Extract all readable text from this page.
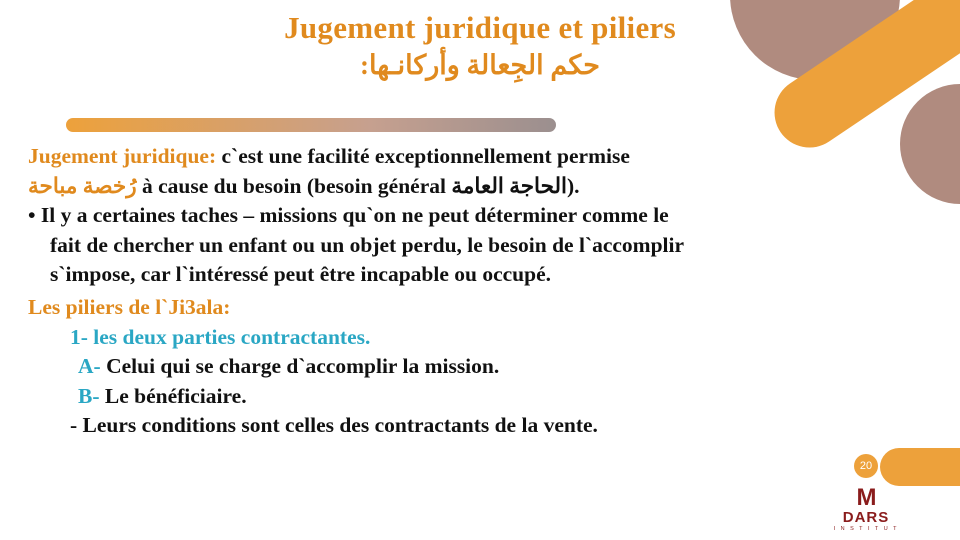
Jugement juridique et piliers
حكم الجِعالة وأركانـها:
Jugement juridique: c`est une facilité exceptionnellement permise
رُخصة مباحة à cause du besoin (besoin général الحاجة العامة).
• Il y a certaines taches – missions qu`on ne peut déterminer comme le
fait de chercher un enfant ou un objet perdu, le besoin de l`accomplir
s`impose, car l`intéressé peut être incapable ou occupé.
Les piliers de l`Ji3ala:
1- les deux parties contractantes.
A- Celui qui se charge d`accomplir la mission.
B- Le bénéficiaire.
- Leurs conditions sont celles des contractants de la vente.
20
M
DARS
I N S T I T U T
